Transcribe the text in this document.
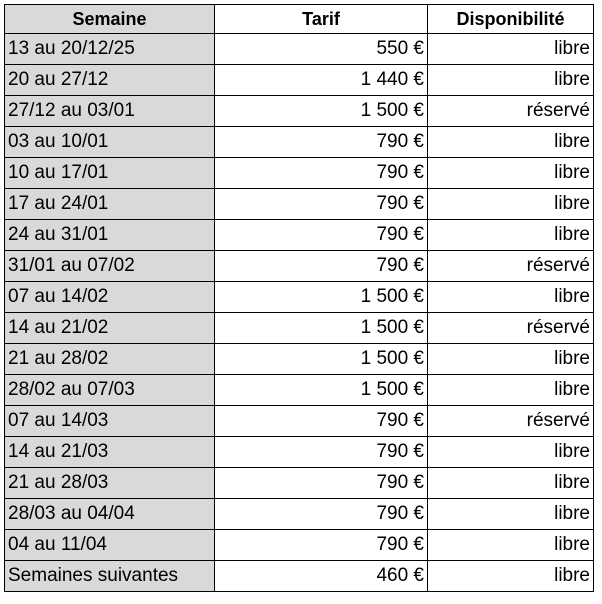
Semaine	Tarif	Disponibilité
13 au 20/12/25	550 €	libre
20 au 27/12	1 440 €	libre
27/12 au 03/01	1 500 €	réservé
03 au 10/01	790 €	libre
10 au 17/01	790 €	libre
17 au 24/01	790 €	libre
24 au 31/01	790 €	libre
31/01 au 07/02	790 €	réservé
07 au 14/02	1 500 €	libre
14 au 21/02	1 500 €	réservé
21 au 28/02	1 500 €	libre
28/02 au 07/03	1 500 €	libre
07 au 14/03	790 €	réservé
14 au 21/03	790 €	libre
21 au 28/03	790 €	libre
28/03 au 04/04	790 €	libre
04 au 11/04	790 €	libre
Semaines suivantes	460 €	libre
